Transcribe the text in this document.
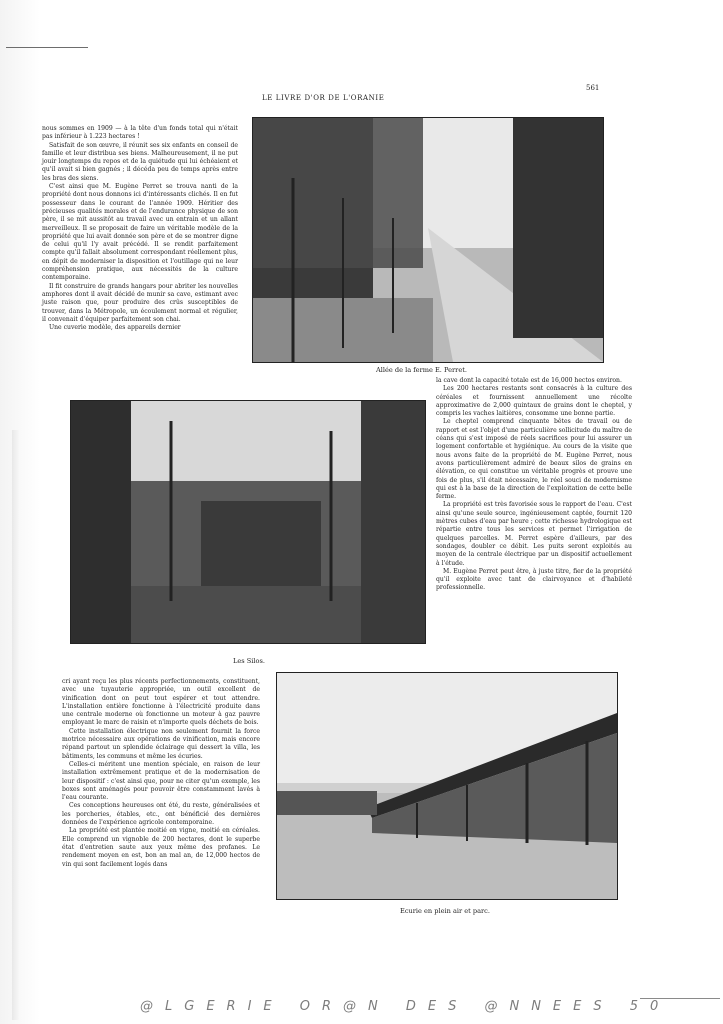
LE LIVRE D'OR DE L'ORANIE
561

nous sommes en 1909 — à la tête d'un fonds total qui n'était pas inférieur à 1.223 hectares !

Satisfait de son œuvre, il réunit ses six enfants en conseil de famille et leur distribua ses biens. Malheureusement, il ne put jouir longtemps du repos et de la quiétude qui lui échéaient et qu'il avait si bien gagnés ; il décéda peu de temps après entre les bras des siens.

C'est ainsi que M. Eugène Perret se trouva nanti de la propriété dont nous donnons ici d'intéressants clichés. Il en fut possesseur dans le courant de l'année 1909. Héritier des précieuses qualités morales et de l'endurance physique de son père, il se mit aussitôt au travail avec un entrain et un allant merveilleux. Il se proposait de faire un véritable modèle de la propriété que lui avait donnée son père et de se montrer digne de celui qu'il l'y avait précédé. Il se rendit parfaitement compte qu'il fallait absolument correspondant réellement plus, en dépit de moderniser la disposition et l'outillage qui ne leur compréhension pratique, aux nécessités de la culture contemporaine.

Il fit construire de grands hangars pour abriter les nouvelles amphores dont il avait décidé de munir sa cave, estimant avec juste raison que, pour produire des crûs susceptibles de trouver, dans la Métropole, un écoulement normal et régulier, il convenait d'équiper parfaitement son chai.

Une cuverie modèle, des appareils dernier

Allée de la ferme E. Perret.

la cave dont la capacité totale est de 16,000 hectos environ.

Les 200 hectares restants sont consacrés à la culture des céréales et fournissent annuellement une récolte approximative de 2,000 quintaux de grains dont le cheptel, y compris les vaches laitières, consomme une bonne partie.

Le cheptel comprend cinquante bêtes de travail ou de rapport et est l'objet d'une particulière sollicitude du maître de céans qui s'est imposé de réels sacrifices pour lui assurer un logement confortable et hygiénique. Au cours de la visite que nous avons faite de la propriété de M. Eugène Perret, nous avons particulièrement admiré de beaux silos de grains en élévation, ce qui constitue un véritable progrès et prouve une fois de plus, s'il était nécessaire, le réel souci de modernisme qui est à la base de la direction de l'exploitation de cette belle ferme.

La propriété est très favorisée sous le rapport de l'eau. C'est ainsi qu'une seule source, ingénieusement captée, fournit 120 mètres cubes d'eau par heure ; cette richesse hydrologique est répartie entre tous les services et permet l'irrigation de quelques parcelles. M. Perret espère d'ailleurs, par des sondages, doubler ce débit. Les puits seront exploités au moyen de la centrale électrique par un dispositif actuellement à l'étude.

M. Eugène Perret peut être, à juste titre, fier de la propriété qu'il exploite avec tant de clairvoyance et d'habileté professionnelle.

Les Silos.

cri ayant reçu les plus récents perfectionnements, constituent, avec une tuyauterie appropriée, un outil excellent de vinification dont on peut tout espérer et tout attendre. L'installation entière fonctionne à l'électricité produite dans une centrale moderne où fonctionne un moteur à gaz pauvre employant le marc de raisin et n'importe quels déchets de bois.

Cette installation électrique non seulement fournit la force motrice nécessaire aux opérations de vinification, mais encore répand partout un splendide éclairage qui dessert la villa, les bâtiments, les communs et même les écuries.

Celles-ci méritent une mention spéciale, en raison de leur installation extrêmement pratique et de la modernisation de leur dispositif : c'est ainsi que, pour ne citer qu'un exemple, les boxes sont aménagés pour pouvoir être constamment lavés à l'eau courante.

Ces conceptions heureuses ont été, du reste, généralisées et les porcheries, étables, etc., ont bénéficié des dernières données de l'expérience agricole contemporaine.

La propriété est plantée moitié en vigne, moitié en céréales. Elle comprend un vignoble de 200 hectares, dont le superbe état d'entretien saute aux yeux même des profanes. Le rendement moyen en est, bon an mal an, de 12,000 hectos de vin qui sont facilement logés dans

Ecurie en plein air et parc.
@LGERIE OR@N DES @NNEES 50
